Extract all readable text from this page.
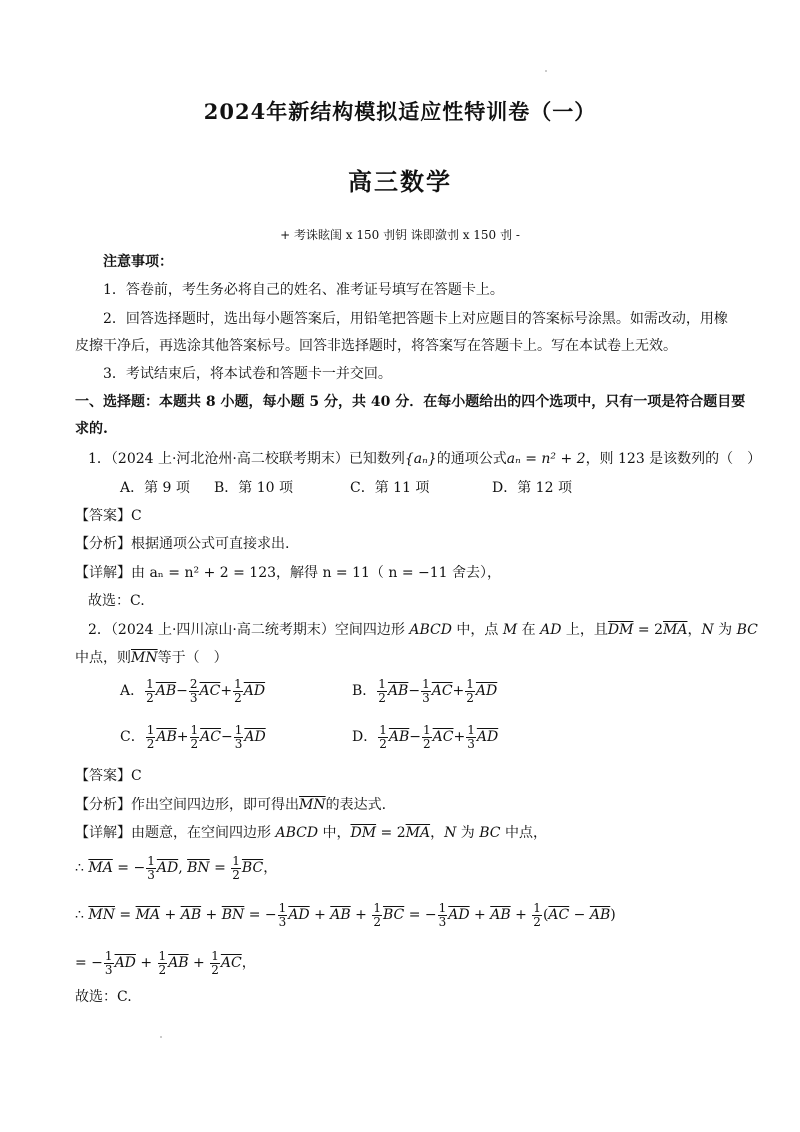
2024年新结构模拟适应性特训卷（一）
高三数学
+ 考诛眩闺 x 150 刌钥 诛即潋刌 x 150 刌 -
注意事项：
1．答卷前，考生务必将自己的姓名、准考证号填写在答题卡上。
2．回答选择题时，选出每小题答案后，用铅笔把答题卡上对应题目的答案标号涂黑。如需改动，用橡
皮擦干净后，再选涂其他答案标号。回答非选择题时，将答案写在答题卡上。写在本试卷上无效。
3．考试结束后，将本试卷和答题卡一并交回。
一、选择题：本题共 8 小题，每小题 5 分，共 40 分．在每小题给出的四个选项中，只有一项是符合题目要
求的.
1．（2024 上·河北沧州·高二校联考期末）已知数列{aₙ}的通项公式aₙ = n² + 2，则 123 是该数列的（　）
A．第 9 项 B．第 10 项	C．第 11 项	D．第 12 项
【答案】C
【分析】根据通项公式可直接求出.
【详解】由 aₙ = n² + 2 = 123，解得 n = 11（ n = −11 舍去），
故选：C.
2．（2024 上·四川凉山·高二统考期末）空间四边形 ABCD 中，点 M 在 AD 上，且$\overline{DM} = 2\overline{MA}$，N 为 BC
中点，则$\overline{MN}$等于（　）
A． $\frac{1}{2} \overline{AB}- \frac{2}{3} \overline{AC}+ \frac{1}{2} \overline{AD}$	B． $\frac{1}{2} \overline{AB}- \frac{1}{3} \overline{AC}+ \frac{1}{2} \overline{AD}$
C． $\frac{1}{2} \overline{AB}+ \frac{1}{2} \overline{AC}- \frac{1}{3} \overline{AD}$	D． $\frac{1}{2} \overline{AB}- \frac{1}{2} \overline{AC}+ \frac{1}{3} \overline{AD}$
【答案】C
【分析】作出空间四边形，即可得出$\overline{MN}$的表达式.
【详解】由题意，在空间四边形 ABCD 中，$\overline{DM} = 2\overline{MA}$，N 为 BC 中点，
∴ $\overline{MA}$ = − $\frac{1}{3} \overline{AD}$, $\overline{BN} = \frac{1}{2} \overline{BC}$，
∴ $\overline{MN} = \overline{MA} + \overline{AB} + \overline{BN}$ = − $\frac{1}{3} \overline{AD} + \overline{AB} + \frac{1}{2} \overline{BC}$ = − $\frac{1}{3} \overline{AD} + \overline{AB} + \frac{1}{2} (\overline{AC} - \overline{AB})$
= − $\frac{1}{3} \overline{AD} + \frac{1}{2} \overline{AB} + \frac{1}{2} \overline{AC}$，
故选：C.
